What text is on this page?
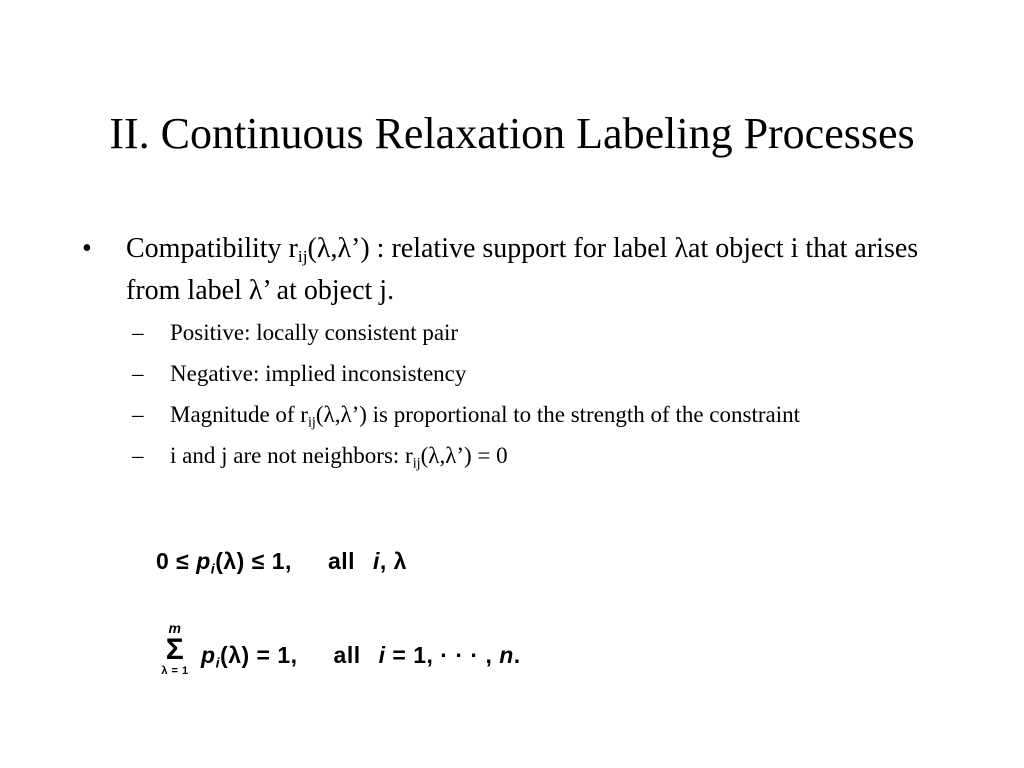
II. Continuous Relaxation Labeling Processes
•	Compatibility $r_{ij}(\lambda,\lambda’)$ : relative support for label λat object i that arises from label λ’ at object j.
–	Positive: locally consistent pair
–	Negative: implied inconsistency
–	Magnitude of $r_{ij}(\lambda,\lambda’)$ is proportional to the strength of the constraint
–	i and j are not neighbors: $r_{ij}(\lambda,\lambda’) = 0$
$0 \le p_i(\lambda) \le 1$, all i, λ
m
Σ
λ = 1
$p_i(\lambda) = 1$, all i = 1, · · · , n.
